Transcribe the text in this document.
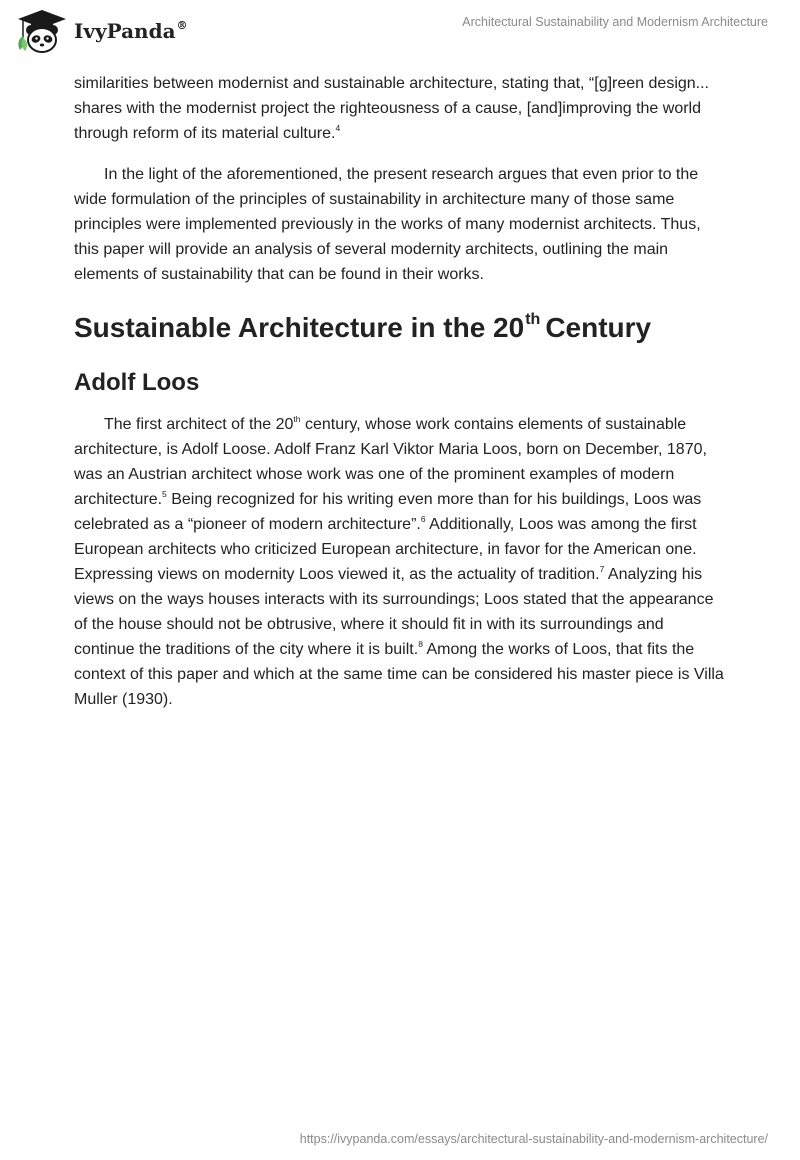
IvyPanda®	Architectural Sustainability and Modernism Architecture

similarities between modernist and sustainable architecture, stating that, “[g]reen design... shares with the modernist project the righteousness of a cause, [and]improving the world through reform of its material culture.$^4$

In the light of the aforementioned, the present research argues that even prior to the wide formulation of the principles of sustainability in architecture many of those same principles were implemented previously in the works of many modernist architects. Thus, this paper will provide an analysis of several modernity architects, outlining the main elements of sustainability that can be found in their works.

Sustainable Architecture in the 20th Century
Adolf Loos

The first architect of the 20th century, whose work contains elements of sustainable architecture, is Adolf Loose. Adolf Franz Karl Viktor Maria Loos, born on December, 1870, was an Austrian architect whose work was one of the prominent examples of modern architecture.$^5$ Being recognized for his writing even more than for his buildings, Loos was celebrated as a “pioneer of modern architecture”.$^6$ Additionally, Loos was among the first European architects who criticized European architecture, in favor for the American one. Expressing views on modernity Loos viewed it, as the actuality of tradition.$^7$ Analyzing his views on the ways houses interacts with its surroundings; Loos stated that the appearance of the house should not be obtrusive, where it should fit in with its surroundings and continue the traditions of the city where it is built.$^8$ Among the works of Loos, that fits the context of this paper and which at the same time can be considered his master piece is Villa Muller (1930).

https://ivypanda.com/essays/architectural-sustainability-and-modernism-architecture/
